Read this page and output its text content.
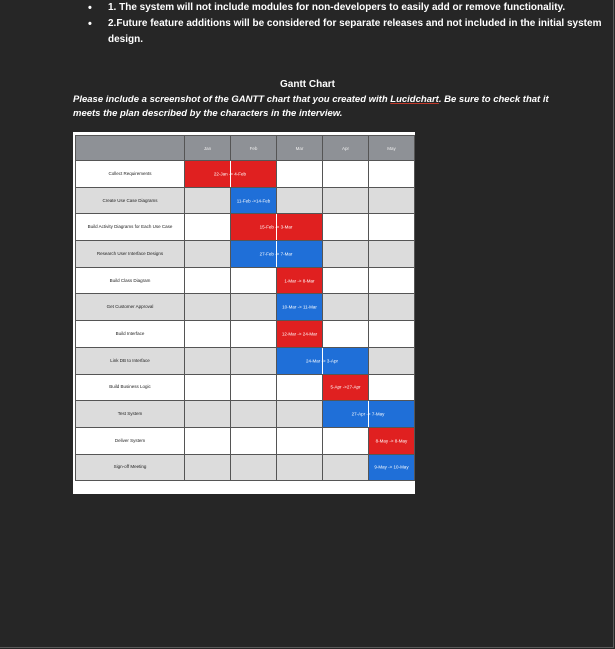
• 1. The system will not include modules for non-developers to easily add or remove functionality.
• 2.Future feature additions will be considered for separate releases and not included in the initial system design.
Gantt Chart
Please include a screenshot of the GANTT chart that you created with Lucidchart. Be sure to check that it meets the plan described by the characters in the interview.
	Jan	Feb	Mar	Apr	May
Collect Requirements	22-Jan -> 4-Feb				

Create Use Case Diagrams		11-Feb ->14-Feb			

Build Activity Diagrams for Each Use Case		15-Feb -> 3-Mar			

Research User Interface Designs		27-Feb -> 7-Mar			

Build Class Diagram			1-Mar -> 8-Mar		

Get Customer Approval			10-Mar -> 11-Mar		

Build Interface			12-Mar -> 24-Mar		

Link DB to Interface			24-Mar -> 3-Apr		

Build Business Logic				5-Apr ->27-Apr	

Test System				27-Apr -> 7-May	

Deliver System					8-May -> 8-May

Sign-off Meeting					9-May -> 10-May
